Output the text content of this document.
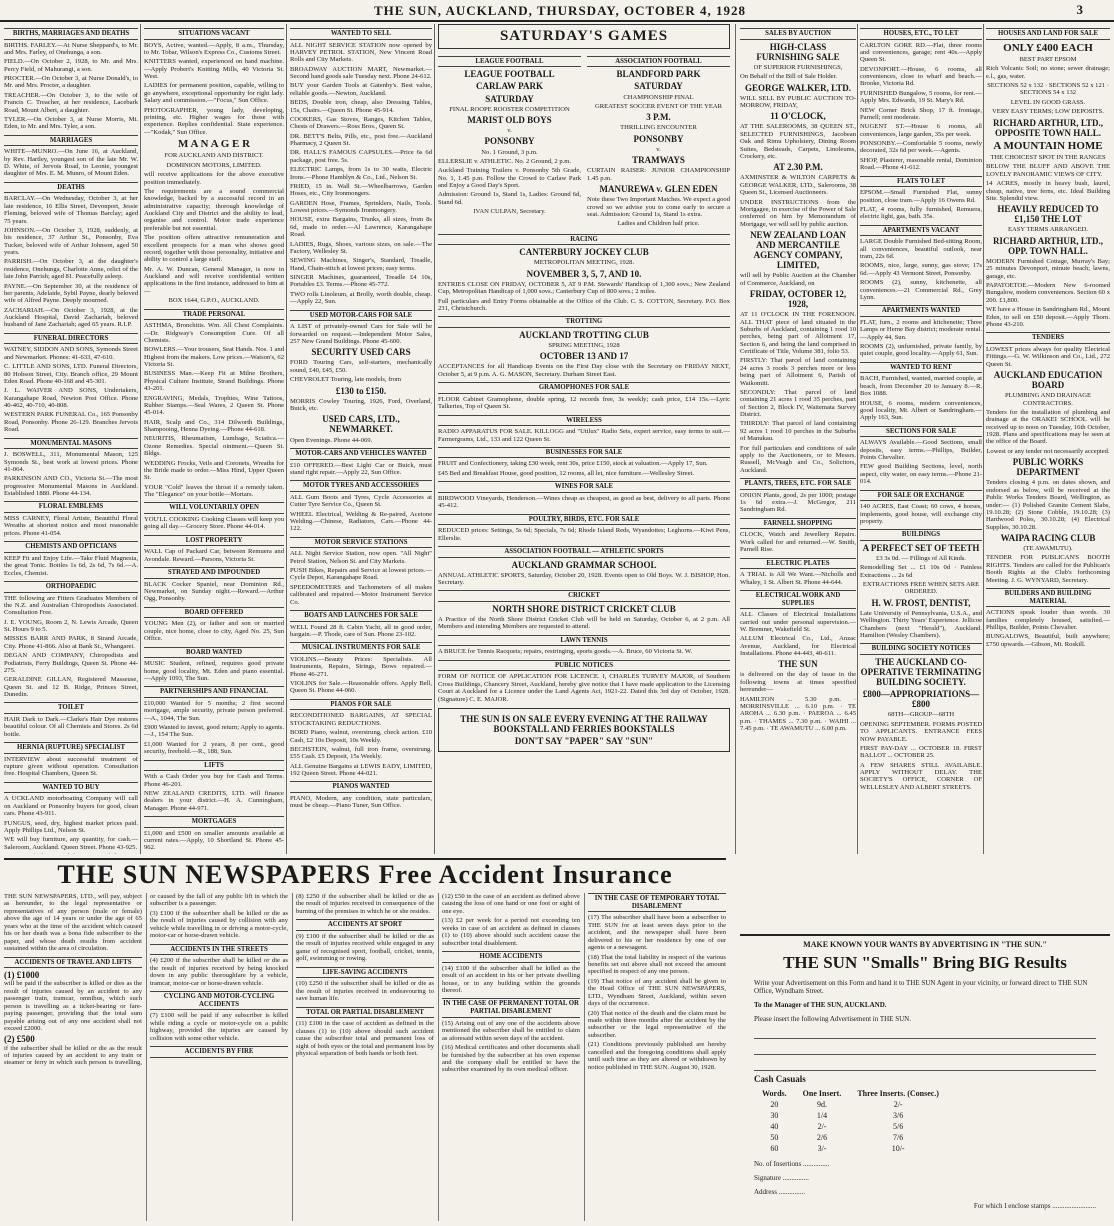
THE SUN, AUCKLAND, THURSDAY, OCTOBER 4, 1928	3
BIRTHS, MARRIAGES AND DEATHS
BIRTHS. FARLEY.—At Nurse Sheppard's, to Mr. and Mrs. Farley, of Onehunga, a son.
FIELD.—On October 2, 1928, to Mr. and Mrs. Percy Field, of Mahurangi, a son.
PROCTER.—On October 3, at Nurse Donald's, to Mr. and Mrs. Procter, a daughter.
TREACHER.—On October 3, to the wife of Francis C. Treacher, at her residence, Lacebark Road, Mount Albert, a daughter.
TYLER.—On October 3, at Nurse Morris, Mt. Eden, to Mr. and Mrs. Tyler, a son.
MARRIAGES
WHITE—MUNRO.—On June 16, at Auckland, by Rev. Hartley, youngest son of the late Mr. W. D. White, of Jervois Road, to Leonie, youngest daughter of Mrs. E. M. Munro, of Mount Eden.
DEATHS
BARCLAY.—On Wednesday, October 3, at her late residence, 16 Ellis Street, Devonport, Jessie Fleming, beloved wife of Thomas Barclay; aged 75 years.
JOHNSON.—On October 3, 1928, suddenly, at his residence, 37 Arthur St., Ponsonby, Eva Tucker, beloved wife of Arthur Johnson, aged 50 years.
PARRISH.—On October 3, at the daughter's residence, Onehunga, Charlotte Anne, relict of the late John Parrish; aged 81. Peacefully asleep.
PAYNE.—On September 30, at the residence of her parents, Adelaide, Sybil Payne, dearly beloved wife of Alfred Payne. Deeply mourned.
ZACHARIAH.—On October 3, 1928, at the Auckland Hospital, David Zachariah, beloved husband of Jane Zachariah; aged 65 years. R.I.P.
FUNERAL DIRECTORS
WATNEY, SIDDON AND SONS, Symonds Street and Newmarket. Phones: 41-633, 47-610.
C. LITTLE AND SONS, LTD. Funeral Directors, 80 Hobson Street, City. Branch office, 29 Mount Eden Road. Phone 40-168 and 45-301.
J. L. WAIVER AND SONS, Undertakers, Karangahape Road, Newton Post Office. Phone 40-462, 40-710, 40-808.
WESTERN PARK FUNERAL Co., 165 Ponsonby Road, Ponsonby. Phone 26-129. Branches Jervois Road.
MONUMENTAL MASONS
J. BOSWELL, 311, Monumental Mason, 125 Symonds St., best work at lowest prices. Phone 41-064.
PARKINSON AND CO., Victoria St.—The most progressive Monumental Masons in Auckland. Established 1880. Phone 44-134.
FLORAL EMBLEMS
MISS CARNEY, Floral Artiste, Beautiful Floral Wreaths at shortest notice and most reasonable prices. Phone 41-054.
CHEMISTS AND OPTICIANS
KEEP Fit and Enjoy Life.—Take Fluid Magnesia, the great Tonic. Bottles 1s 6d, 2s 6d, 7s 6d.—A. Eccles, Chemist.
ORTHOPAEDIC
THE following are Fitters Graduates Members of the N.Z. and Australian Chiropodists Associated. Consultation Free.
J. E. YOUNG, Room 2, N. Lewis Arcade, Queen St. Hours 9 to 5.
MISSES BARR AND PARK, 8 Strand Arcade, City. Phone 41-866. Also at Bank St., Whangarei.
DEGAN AND COMPANY, Chiropodists and Podiatrists, Ferry Buildings, Queen St. Phone 44-275.
GERALDINE GILLAN, Registered Masseuse, Queen St. and 12 B. Ridge, Princes Street, Dunedin.
TOILET
HAIR Dark to Dark.—Clarke's Hair Dye restores beautiful colour. Of all Chemists and Stores. 2s 6d bottle.
HERNIA (RUPTURE) SPECIALIST
INTERVIEW about successful treatment of rupture given without operation. Consultation free. Hospital Chambers, Queen St.
WANTED TO BUY
A UCKLAND motorboating Company will call on Auckland or Ponsonby buyers for good, clean cars. Phone 43-911.
FUNGUS, seed, dry, highest market prices paid. Apply Phillips Ltd., Nelson St.
WE will buy furniture, any quantity, for cash.—Saleroom, Auckland. Queen Street. Phone 43-925.
SITUATIONS VACANT
BOYS, Active, wanted.—Apply, 8 a.m., Thursday, to Mr. Tobar, Wilson's Express Co., Customs Street.
KNITTERS wanted, experienced on hand machine.—Apply Probert's Knitting Mills, 40 Victoria St. West.
LADIES for permanent position, capable, willing to go anywhere, exceptional opportunity for right lady. Salary and commission.—"Focus," Sun Office.
PHOTOGRAPHER, young lady, developing, printing, etc. Higher wages for those with experience. Replies confidential. State experience.—"Kodak," Sun Office.
M A N A G E R
FOR AUCKLAND AND DISTRICT.
DOMINION MOTORS, LIMITED.
will receive applications for the above executive position immediately.
The requirements are a sound commercial knowledge, backed by a successful record in an administrative capacity; thorough knowledge of Auckland City and District and the ability to lead, organise and control. Motor trade experience preferable but not essential.
The position offers attractive remuneration and excellent prospects for a man who shows good record, together with those personality, initiative and ability to control a large staff.
Mr. A. W. Duncan, General Manager, is now in Auckland and will receive confidential written applications in the first instance, addressed to him at—
BOX 1644, G.P.O., AUCKLAND.
TRADE PERSONAL
ASTHMA, Bronchitis. Wm. All Chest Complaints.—Dr. Ridgway's Consumption Cure. Of all Chemists.
BOWLERS.—Your trousers, Seat Hands. Nos. 1 and Highest from the makers. Low prices.—Watson's, 62 Victoria St.
BUSINESS Man.—Keep Fit at Milne Brothers, Physical Culture Institute, Strand Buildings. Phone 43-201.
ENGRAVING, Medals, Trophies, Wine Tattoos, Rubber Stamps.—Seal Wares, 2 Queen St. Phone 45-014.
HAIR, Scalp and Co., 314 Dilworth Buildings, Shampooing, Henna Dyeing.—Phone 44-618.
NEURITIS, Rheumatism, Lumbago, Sciatica.—Ozone Remedies. Special ointment.—Queen St. Bldgs.
WEDDING Frocks, Veils and Coronets, Wreaths for the Bride made to order.—Miss Hind, Upper Queen St.
YOUR "Cold" leaves the throat if a remedy taken. The "Elegance" on your bottle—Mortars.
WILL VOLUNTARILY OPEN
YOU'LL COOKING Cooking Classes will keep you going all day.—Grocery Store. Phone 44-014.
LOST PROPERTY
WALL Cap of Packard Car, between Remuera and Avondale. Reward.—Parsons, Victoria St.
STRAYED AND IMPOUNDED
BLACK Cocker Spaniel, near Dominion Rd., Newmarket, on Sunday night.—Reward.—Arthur Ogg, Ponsonby.
BOARD OFFERED
YOUNG Men (2), or father and son or married couple, nice home, close to city, Aged No. 25, Sun Office.
BOARD WANTED
MUSIC Student, refined, requires good private home, good locality, Mt. Eden and piano essential.—Apply 1093, The Sun.
PARTNERSHIPS AND FINANCIAL
£10,000 Wanted for 5 months; 2 first second mortgage, ample security, private person preferred.—A., 1044, The Sun.
£900 Wanted to invest, good return; Apply to agents.—J., 154 The Sun.
£1,000 Wanted for 2 years, 8 per cent., good security, freehold.—R., 188, Sun.
LIFTS
With a Cash Order you buy for Cash and Terms. Phone 46-201.
NEW ZEALAND CREDITS, LTD. will finance dealers in your district.—H. A. Cunningham, Manager. Phone 44-971.
MORTGAGES
£1,000 and £500 on smaller amounts available at current rates.—Apply, 10 Shortland St. Phone 45-962.
WANTED TO SELL
ALL NIGHT SERVICE STATION now opened by HARVEY PETROL STATION, New Vincent Road Rolls and City Markets.
BROADWAY AUCTION MART, Newmarket.—Second hand goods sale Tuesday next. Phone 24-612.
BUY your Garden Tools at Gatenby's. Best value, reliable goods.—Newton, Auckland.
BEDS, Double iron, cheap, also Dressing Tables, 15s, Chairs.—Queen St. Phone 45-914.
COOKERS, Gas Stoves, Ranges, Kitchen Tables, Chests of Drawers.—Ross Bros., Queen St.
DR. BETT'S Belts, Pills, etc., post free.—Auckland Pharmacy, 2 Queen St.
DR. HALL'S FAMOUS CAPSULES.—Price 6s 6d package, post free. 5s.
ELECTRIC Lamps, from 1s to 30 watts, Electric Irons.—Phone Hamblyn & Co., Ltd., Nelson St.
FRIED, 15 in. Wall St.—Wheelbarrows, Garden Hoses, etc., City Ironmongers.
GARDEN Hose, Frames, Sprinklers, Nails, Tools. Lowest prices.—Symonds Ironmongery.
HOUSE, extra Bargains, Trunks, all sizes, from 8s 6d, made to order.—Al Lawrence, Karangahape Road.
LADIES, Rugs, Shoes, various sizes, on sale.—The Factory, Wellesley St.
SEWING Machines, Singer's, Standard, Treadle, Hand, Chain-stitch at lowest prices; easy terms.
SINGER Machines, guaranteed, Treadle £4 10s, Portables £3. Terms.—Phone 45-772.
TWO rolls Linoleum, at Brolly, worth double, cheap.—Apply 22, Sun.
USED MOTOR-CARS FOR SALE
A LIST of privately-owned Cars for Sale will be forwarded on request.—Independent Motor Sales, 257 New Grand Buildings. Phone 45-600.
SECURITY USED CARS
FORD Touring Cars, self-starters, mechanically sound, £40, £45, £50.
CHEVROLET Touring, late models, from
£130 to £150.
MORRIS Cowley Touring, 1926, Ford, Overland, Buick, etc.
USED CARS, LTD., NEWMARKET.
Open Evenings. Phone 44-069.
MOTOR-CARS AND VEHICLES WANTED
£10 OFFERED.—Best Light Car or Buick, must stand right repair.—Apply 22, Sun Office.
MOTOR TYRES AND ACCESSORIES
ALL Gum Boots and Tyres, Cycle Accessories at Cutter Tyre Service Co., Queen St.
WHEEL Electrical, Welding & Re-paired, Acetone Welding.—Chinese, Radiators, Cars.—Phone 44-122.
MOTOR SERVICE STATIONS
ALL Night Service Station, now open. "All Night" Petrol Station, Nelson St. and City Markets.
PUSH Bikes, Repairs and Service at lowest prices.—Cycle Depot, Karangahape Road.
SPEEDOMETERS and Tachometers of all makes calibrated and repaired.—Motor Instrument Service Co.
BOATS AND LAUNCHES FOR SALE
WELL Found 28 ft. Cabin Yacht, all in good order, bargain.—P. Thode, care of Sun. Phone 23-102.
MUSICAL INSTRUMENTS FOR SALE
VIOLINS.—Beauty Prices: Specialists. All Instruments, Repairs, Strings, Bows repaired.—Phone 46-271.
VIOLINS for Sale.—Reasonable offers. Apply Bell, Queen St. Phone 44-060.
PIANOS FOR SALE
RECONDITIONED BARGAINS, AT SPECIAL STOCKTAKING REDUCTIONS.
BORD Piano, walnut, overstrung, check action. £10 Cash, £2 10s Deposit, 10s Weekly.
BECHSTEIN, walnut, full iron frame, overstrung. £55 Cash. £5 Deposit, 15s Weekly.
ALL Genuine Bargains at LEWIS EADY, LIMITED, 192 Queen Street. Phone 44-021.
PIANOS WANTED
PIANO, Modern, any condition, state particulars, must be cheap.—Piano Tuner, Sun Office.
SATURDAY'S GAMES
LEAGUE FOOTBALL
LEAGUE FOOTBALL
CARLAW PARK
SATURDAY
FINAL ROOPE ROOSTER COMPETITION
MARIST OLD BOYS
v.
PONSONBY
No. 1 Ground, 3 p.m.
ELLERSLIE v. ATHLETIC. No. 2 Ground, 2 p.m.
Auckland Training Trailers v. Ponsonby 5th Grade, No. 1, 1.45 p.m. Follow the Crowd to Carlaw Park and Enjoy a Good Day's Sport.
Admission: Ground 1s, Stand 1s, Ladies: Ground 6d, Stand 6d.
IVAN CULPAN, Secretary.
ASSOCIATION FOOTBALL
BLANDFORD PARK
SATURDAY
CHAMPIONSHIP FINAL
GREATEST SOCCER EVENT OF THE YEAR
3 P.M.
THRILLING ENCOUNTER
PONSONBY
v.
TRAMWAYS
CURTAIN RAISER: JUNIOR CHAMPIONSHIP 1.45 p.m.
MANUREWA v. GLEN EDEN
Note these Two Important Matches. We expect a good crowd so we advise you to come early to secure a seat. Admission: Ground 1s, Stand 1s extra.
Ladies and Children half price.
RACING
CANTERBURY JOCKEY CLUB
METROPOLITAN MEETING, 1928.
NOVEMBER 3, 5, 7, AND 10.
ENTRIES CLOSE ON FRIDAY, OCTOBER 5, AT 9 P.M. Stewards' Handicap of 1,300 sovs.; New Zealand Cup, Metropolitan Handicap of 1,000 sovs.; Canterbury Cup of 800 sovs.; 2 miles.
Full particulars and Entry Forms obtainable at the Office of the Club. C. S. COTTON, Secretary. P.O. Box 231, Christchurch.
TROTTING
AUCKLAND TROTTING CLUB
SPRING MEETING, 1928
OCTOBER 13 AND 17
ACCEPTANCES for all Handicap Events on the First Day close with the Secretary on FRIDAY NEXT, October 5, at 9 p.m. A. G. MASON, Secretary. Durham Street East.
GRAMOPHONES FOR SALE
FLOOR Cabinet Gramophone, double spring, 12 records free, 3s weekly; cash price, £14 15s.—Lyric Talkeries, Top of Queen St.
WIRELESS
RADIO APPARATUS FOR SALE. KILLOGG and "Utilux" Radio Sets, expert service, easy terms to suit.—Farmergrams, Ltd., 133 and 122 Queen St.
BUSINESSES FOR SALE
FRUIT and Confectionery, taking £30 week, rent 30s, price £150, stock at valuation.—Apply 17, Sun.
£45 Bed and Breakfast House, good position, 12 rooms, all let, nice furniture.—Wellesley Street.
WINES FOR SALE
BIRDWOOD Vineyards, Henderson.—Wines cheap as cheapest, as good as best, delivery to all parts. Phone 45-412.
POULTRY, BIRDS, ETC. FOR SALE
REDUCED prices: Settings, 5s 6d; Specials, 7s 6d; Rhode Island Reds, Wyandottes; Leghorns.—Kiwi Pens, Ellerslie.
ASSOCIATION FOOTBALL — ATHLETIC SPORTS
AUCKLAND GRAMMAR SCHOOL
ANNUAL ATHLETIC SPORTS, Saturday, October 20, 1928. Events open to Old Boys. W. J. BISHOP, Hon. Secretary.
CRICKET
NORTH SHORE DISTRICT CRICKET CLUB
A Practice of the North Shore District Cricket Club will be held on Saturday, October 6, at 2 p.m. All Members and intending Members are requested to attend.
LAWN TENNIS
A BRUCE for Tennis Racquets; repairs, restringing, sports goods.—A. Bruce, 60 Victoria St. W.
PUBLIC NOTICES
FORM OF NOTICE OF APPLICATION FOR LICENCE. I, CHARLES TURVEY MAJOR, of Southern Cross Buildings, Chancery Street, Auckland, hereby give notice that I have made application to the Licensing Court at Auckland for a Licence under the Land Agents Act, 1921-22. Dated this 3rd day of October, 1928. (Signature) C. E. MAJOR.
THE SUN IS ON SALE EVERY EVENING AT THE RAILWAY BOOKSTALL AND FERRIES BOOKSTALLS
DON'T SAY "PAPER" SAY "SUN"
SALES BY AUCTION
HIGH-CLASS FURNISHING SALE
OF SUPERIOR FURNISHINGS,
On Behalf of the Bill of Sale Holder.
GEORGE WALKER, LTD.
WILL SELL BY PUBLIC AUCTION TO-MORROW, FRIDAY,
11 O'CLOCK,
AT THE SALEROOMS, 38 QUEEN ST., SELECTED FURNISHINGS, Jacobean Oak and Rimu Upholstery, Dining Room Suites, Bedsteads, Carpets, Linoleums, Crockery, etc.
AT 2.30 P.M.
AXMINSTER & WILTON CARPETS & GEORGE WALKER, LTD., Salerooms, 38 Queen St., Licensed Auctioneers.
UNDER INSTRUCTIONS from the Mortgagee, in exercise of the Power of Sale conferred on him by Memorandum of Mortgage, we will sell by public auction.
NEW ZEALAND LOAN AND MERCANTILE AGENCY COMPANY, LIMITED,
will sell by Public Auction at the Chamber of Commerce, Auckland, on
FRIDAY, OCTOBER 12, 1928,
AT 11 O'CLOCK IN THE FORENOON. ALL THAT piece of land situated in the Suburbs of Auckland, containing 1 rood 10 perches, being part of Allotment 17, Section 6, and being the land comprised in Certificate of Title, Volume 381, folio 53.
FIRSTLY: That parcel of land containing 24 acres 3 roods 3 perches more or less being part of Allotment 6, Parish of Waikomiti.
SECONDLY: That parcel of land containing 21 acres 1 rood 35 perches, part of Section 2, Block IV, Waitemata Survey District.
THIRDLY: That parcel of land containing 92 acres 1 rood 10 perches in the Suburbs of Manukau.
For full particulars and conditions of sale apply to the Auctioneers, or to Messrs. Russell, McVeagh and Co., Solicitors, Auckland.
PLANTS, TREES, ETC. FOR SALE
ONION Plants, good, 2s per 1000; postage 1s 6d extra.—J. McGregor, 211 Sandringham Rd.
FARNELL SHOPPING
CLOCK, Watch and Jewellery Repairs. Work called for and returned.—W. Smith, Parnell Rise.
ELECTRIC PLATES
A TRIAL is All We Want.—Nicholls and Whaley, 1 St. Albert St. Phone 44-644.
ELECTRICAL WORK AND SUPPLIES
ALL Classes of Electrical Installations carried out under personal supervision.—W. Bremner, Wakefield St.
ALLUM Electrical Co., Ltd., Anzac Avenue, Auckland, for Electrical Installations. Phone 44-443, 40-611.
THE SUN
is delivered on the day of issue in the following towns at times specified hereunder—
HAMILTON ... 5.30 p.m. · MORRINSVILLE ... 6.10 p.m. · TE AROHA ... 6.30 p.m. · PAEROA ... 6.45 p.m. · THAMES ... 7.30 p.m. · WAIHI ... 7.45 p.m. · TE AWAMUTU ... 6.00 p.m.
HOUSES, ETC., TO LET
CARLTON GORE RD.—Flat, three rooms and conveniences, garage; rent 40s.—Apply Queen St.
DEVONPORT.—House, 6 rooms, all conveniences, close to wharf and beach.—Brooke, Victoria Rd.
FURNISHED Bungalow, 5 rooms, for rent.—Apply Mrs. Edwards, 19 St. Mary's Rd.
NEW Corner Brick Shop, 17 ft. frontage, Parnell; rent moderate.
NUGENT ST.—House 6 rooms, all conveniences, large garden, 35s per week.
PONSONBY.—Comfortable 5 rooms, newly decorated, 32s 6d per week.—Agents.
SHOP, Plasterer, reasonable rental, Dominion Road.—Phone 41-612.
FLATS TO LET
EPSOM.—Small Furnished Flat, sunny position, close tram.—Apply 16 Owens Rd.
FLAT, 4 rooms, fully furnished, Remuera, electric light, gas, bath. 35s.
APARTMENTS VACANT
LARGE Double Furnished Bed-sitting Room, all conveniences, beautiful outlook, near tram, 22s 6d.
ROOMS, nice, large, sunny, gas stove; 17s 6d.—Apply 43 Vermont Street, Ponsonby.
ROOMS (2), sunny, kitchenette, all conveniences.—21 Commercial Rd., Grey Lynn.
APARTMENTS WANTED
FLAT, furn., 2 rooms and kitchenette; Three Lamps or Herne Bay district; moderate rental.—Apply 44, Sun.
ROOMS (2), unfurnished, private family, by quiet couple, good locality.—Apply 61, Sun.
WANTED TO RENT
BACH, Furnished, wanted, married couple, at beach, from December 20 to January 8.—R. Box 1088.
HOUSE, 6 rooms, modern conveniences, good locality, Mt. Albert or Sandringham.—Apply 163, Sun.
SECTIONS FOR SALE
ALWAYS Available.—Good Sections, small deposits, easy terms.—Phillips, Builder, Points Chevalier.
FEW good Building Sections, level, north aspect, city water, on easy terms.—Phone 21-014.
FOR SALE OR EXCHANGE
140 ACRES, East Coast; 60 cows, 4 horses, implements, good house, will exchange city property.
BUILDINGS
A PERFECT SET OF TEETH
£3 3s 0d. — Fillings of All Kinds.
Remodelling Set ... £1 10s 0d · Painless Extractions ... 2s 6d
EXTRACTIONS FREE WHEN SETS ARE ORDERED.
H. W. FROST, DENTIST,
Late University of Pennsylvania, U.S.A., and Wellington. Thirty Years' Experience. Jellicoe Chambers (next "Herald"), Auckland. Hamilton (Wesley Chambers).
BUILDING SOCIETY NOTICES
THE AUCKLAND CO-OPERATIVE TERMINATING BUILDING SOCIETY.
£800—APPROPRIATIONS—£800
68TH—GROUP—68TH
OPENING SEPTEMBER. FORMS POSTED TO APPLICANTS. ENTRANCE FEES NOW PAYABLE.
FIRST PAY-DAY ... OCTOBER 18. FIRST BALLOT ... OCTOBER 25.
A FEW SHARES STILL AVAILABLE. APPLY WITHOUT DELAY. THE SOCIETY'S OFFICE, CORNER OF WELLESLEY AND ALBERT STREETS.
HOUSES AND LAND FOR SALE
ONLY £400 EACH
BEST PART EPSOM
Rich Volcanic Soil; no stone; sewer drainage; e.l., gas, water.
SECTIONS 52 x 132 · SECTIONS 52 x 121 · SECTIONS 54 x 132
LEVEL IN GOOD GRASS.
VERY EASY TERMS; LOW DEPOSITS.
RICHARD ARTHUR, LTD., OPPOSITE TOWN HALL.
A MOUNTAIN HOME
THE CHOICEST SPOT IN THE RANGES
BELOW THE BLUFF AND ABOVE THE LOVELY PANORAMIC VIEWS OF CITY.
14 ACRES, mostly in heavy bush, laurel, cheap, native, tree ferns, etc. Ideal Building Site. Splendid view.
HEAVILY REDUCED TO £1,150 THE LOT
EASY TERMS ARRANGED.
RICHARD ARTHUR, LTD., OPP. TOWN HALL.
MODERN Furnished Cottage, Murray's Bay; 25 minutes Devonport, minute beach; lawns, garage, etc.
PAPATOETOE.—Modern New 6-roomed Bungalow, modern conveniences. Section 60 x 200. £1,800.
WE have a House in Sandringham Rd., Mount Eden, to sell on £50 deposit.—Apply Thorn. Phone 43-210.
TENDERS
LOWEST prices always for quality Electrical Fittings.—G. W. Wilkinson and Co., Ltd., 272 Queen St.
AUCKLAND EDUCATION BOARD
PLUMBING AND DRAINAGE CONTRACTORS.
Tenders for the installation of plumbing and drainage at the ORAKEI SCHOOL will be received up to noon on Tuesday, 16th October, 1928. Plans and specifications may be seen at the office of the Board.
Lowest or any tender not necessarily accepted.
PUBLIC WORKS DEPARTMENT
Tenders closing 4 p.m. on dates shown, and endorsed as below, will be received at the Public Works Tenders Board, Wellington, as under:— (1) Polished Granite Cement Slabs, 19.10.28; (2) Stone Cobble, 19.10.28; (3) Hardwood Poles, 30.10.28; (4) Electrical Supplies, 30.10.28.
WAIPA RACING CLUB
(TE AWAMUTU).
TENDER FOR PUBLICAN'S BOOTH RIGHTS. Tenders are called for the Publican's Booth Rights at the Club's forthcoming Meeting. J. G. WYNYARD, Secretary.
BUILDERS AND BUILDING MATERIAL
ACTIONS speak louder than words. 30 families completely housed, satisfied.—Phillips, Builder, Points Chevalier.
BUNGALOWS, Beautiful, built anywhere; £750 upwards.—Gibson, Mt. Roskill.
THE SUN NEWSPAPERS Free Accident Insurance
THE SUN NEWSPAPERS, LTD., will pay, subject as hereunder, to the legal representative or representatives of any person (male or female) above the age of 14 years or under the age of 65 years who at the time of the accident which caused his or her death was a bona fide subscriber to the paper, and whose death results from accident sustained within the area of circulation.
ACCIDENTS OF TRAVEL AND LIFTS
(1) £1000
will be paid if the subscriber is killed or dies as the result of injuries caused by an accident to any passenger train, tramcar, omnibus, which such person is travelling as a ticket-bearing or fare-paying passenger, providing that the total sum payable arising out of any one accident shall not exceed £2000.
(2) £500
if the subscriber shall be killed or die as the result of injuries caused by an accident to any train or steamer or ferry in which such person is travelling, or caused by the fall of any public lift in which the subscriber is a passenger.
(3) £100 if the subscriber shall be killed or die as the result of injuries caused by collision with any vehicle while travelling in or driving a motor-cycle, motor-car or horse-drawn vehicle.
ACCIDENTS IN THE STREETS
(4) £200 if the subscriber shall be killed or die as the result of injuries received by being knocked down in any public thoroughfare by a vehicle, tramcar, motor-car or horse-drawn vehicle.
CYCLING AND MOTOR-CYCLING ACCIDENTS
(7) £100 will be paid if any subscriber is killed while riding a cycle or motor-cycle on a public highway, provided the injuries are caused by collision with some other vehicle.
ACCIDENTS BY FIRE
(8) £250 if the subscriber shall be killed or die as the result of injuries received in consequence of the burning of the premises in which he or she resides.
ACCIDENTS AT SPORT
(9) £100 if the subscriber shall be killed or die as the result of injuries received while engaged in any game of recognised sport, football, cricket, tennis, golf, swimming or rowing.
LIFE-SAVING ACCIDENTS
(10) £250 if the subscriber shall be killed or die as the result of injuries received in endeavouring to save human life.
TOTAL OR PARTIAL DISABLEMENT
(11) £100 in the case of accident as defined in the clauses (1) to (10) above should such accident cause the subscriber total and permanent loss of sight of both eyes or the total and permanent loss by physical separation of both hands or both feet.
(12) £50 in the case of an accident as defined above causing the loss of one hand or one foot or sight of one eye.
(13) £2 per week for a period not exceeding ten weeks in case of an accident as defined in clauses (1) to (10) above should such accident cause the subscriber total disablement.
HOME ACCIDENTS
(14) £100 if the subscriber shall be killed as the result of an accident in his or her private dwelling house, or in any building within the grounds thereof.
IN THE CASE OF PERMANENT TOTAL OR PARTIAL DISABLEMENT
(15) Arising out of any one of the accidents above mentioned the subscriber shall be entitled to claim as aforesaid within seven days of the accident.
(16) Medical certificates and other documents shall be furnished by the subscriber at his own expense and the company shall be entitled to have the subscriber examined by its own medical officer.
IN THE CASE OF TEMPORARY TOTAL DISABLEMENT
(17) The subscriber shall have been a subscriber to THE SUN for at least seven days prior to the accident, and the newspaper shall have been delivered to his or her residence by one of our agents or a newsagent.
(18) That the total liability in respect of the various benefits set out above shall not exceed the amount specified in respect of any one person.
(19) That notice of any accident shall be given to the Head Office of THE SUN NEWSPAPERS, LTD., Wyndham Street, Auckland, within seven days of the occurrence.
(20) That notice of the death and the claim must be made within three months after the accident by the subscriber or the legal representative of the subscriber.
(21) Conditions previously published are hereby cancelled and the foregoing conditions shall apply until such time as they are altered or withdrawn by notice published in THE SUN. August 30, 1928.
MAKE KNOWN YOUR WANTS BY ADVERTISING IN "THE SUN."
THE SUN "Smalls" Bring BIG Results
Write your Advertisement on this Form and hand it to THE SUN Agent in your vicinity, or forward direct to THE SUN Office, Wyndham Street.
To the Manager of THE SUN, AUCKLAND.
Please insert the following Advertisement in THE SUN.
Cash Casuals
Words.	One Insert.	Three Inserts. (Consec.)
20	9d.	2/-
30	1/4	3/6
40	2/-	5/6
50	2/6	7/6
60	3/-	10/-
No. of Insertions ...............
Signature ...............
Address ...............
For which I enclose stamps .........................
